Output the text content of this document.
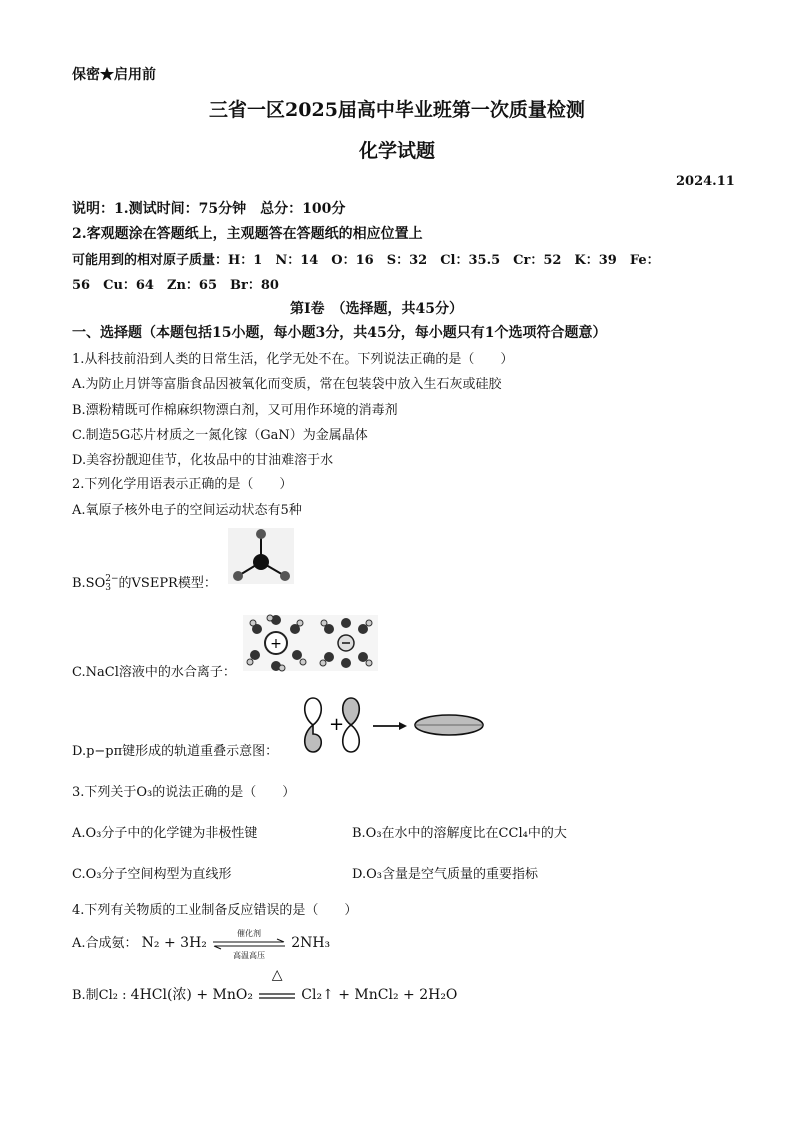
保密★启用前
三省一区2025届高中毕业班第一次质量检测
化学试题
2024.11
说明：1.测试时间：75分钟　总分：100分
2.客观题涂在答题纸上，主观题答在答题纸的相应位置上
可能用到的相对原子质量：H：1　N：14　O：16　S：32　Cl：35.5　Cr：52　K：39　Fe：
56　Cu：64　Zn：65　Br：80
第Ⅰ卷　（选择题，共45分）
一、选择题（本题包括15小题，每小题3分，共45分，每小题只有1个选项符合题意）
1.从科技前沿到人类的日常生活，化学无处不在。下列说法正确的是（　　）
A.为防止月饼等富脂食品因被氧化而变质，常在包装袋中放入生石灰或硅胶
B.漂粉精既可作棉麻织物漂白剂，又可用作环境的消毒剂
C.制造5G芯片材质之一氮化镓（GaN）为金属晶体
D.美容扮靓迎佳节，化妆品中的甘油难溶于水
2.下列化学用语表示正确的是（　　）
A.氧原子核外电子的空间运动状态有5种
B.SO 2−
3 的VSEPR模型：
C.NaCl溶液中的水合离子：
+
D.p−pπ键形成的轨道重叠示意图：
+
3.下列关于O₃的说法正确的是（　　）
A.O₃分子中的化学键为非极性键	B.O₃在水中的溶解度比在CCl₄中的大
C.O₃分子空间构型为直线形	D.O₃含量是空气质量的重要指标
4.下列有关物质的工业制备反应错误的是（　　）
A.合成氨： N₂ + 3H₂
催化剂
高温高压
2NH₃
B.制Cl₂ : 4HCl(浓) + MnO₂
△
Cl₂↑ + MnCl₂ + 2H₂O
